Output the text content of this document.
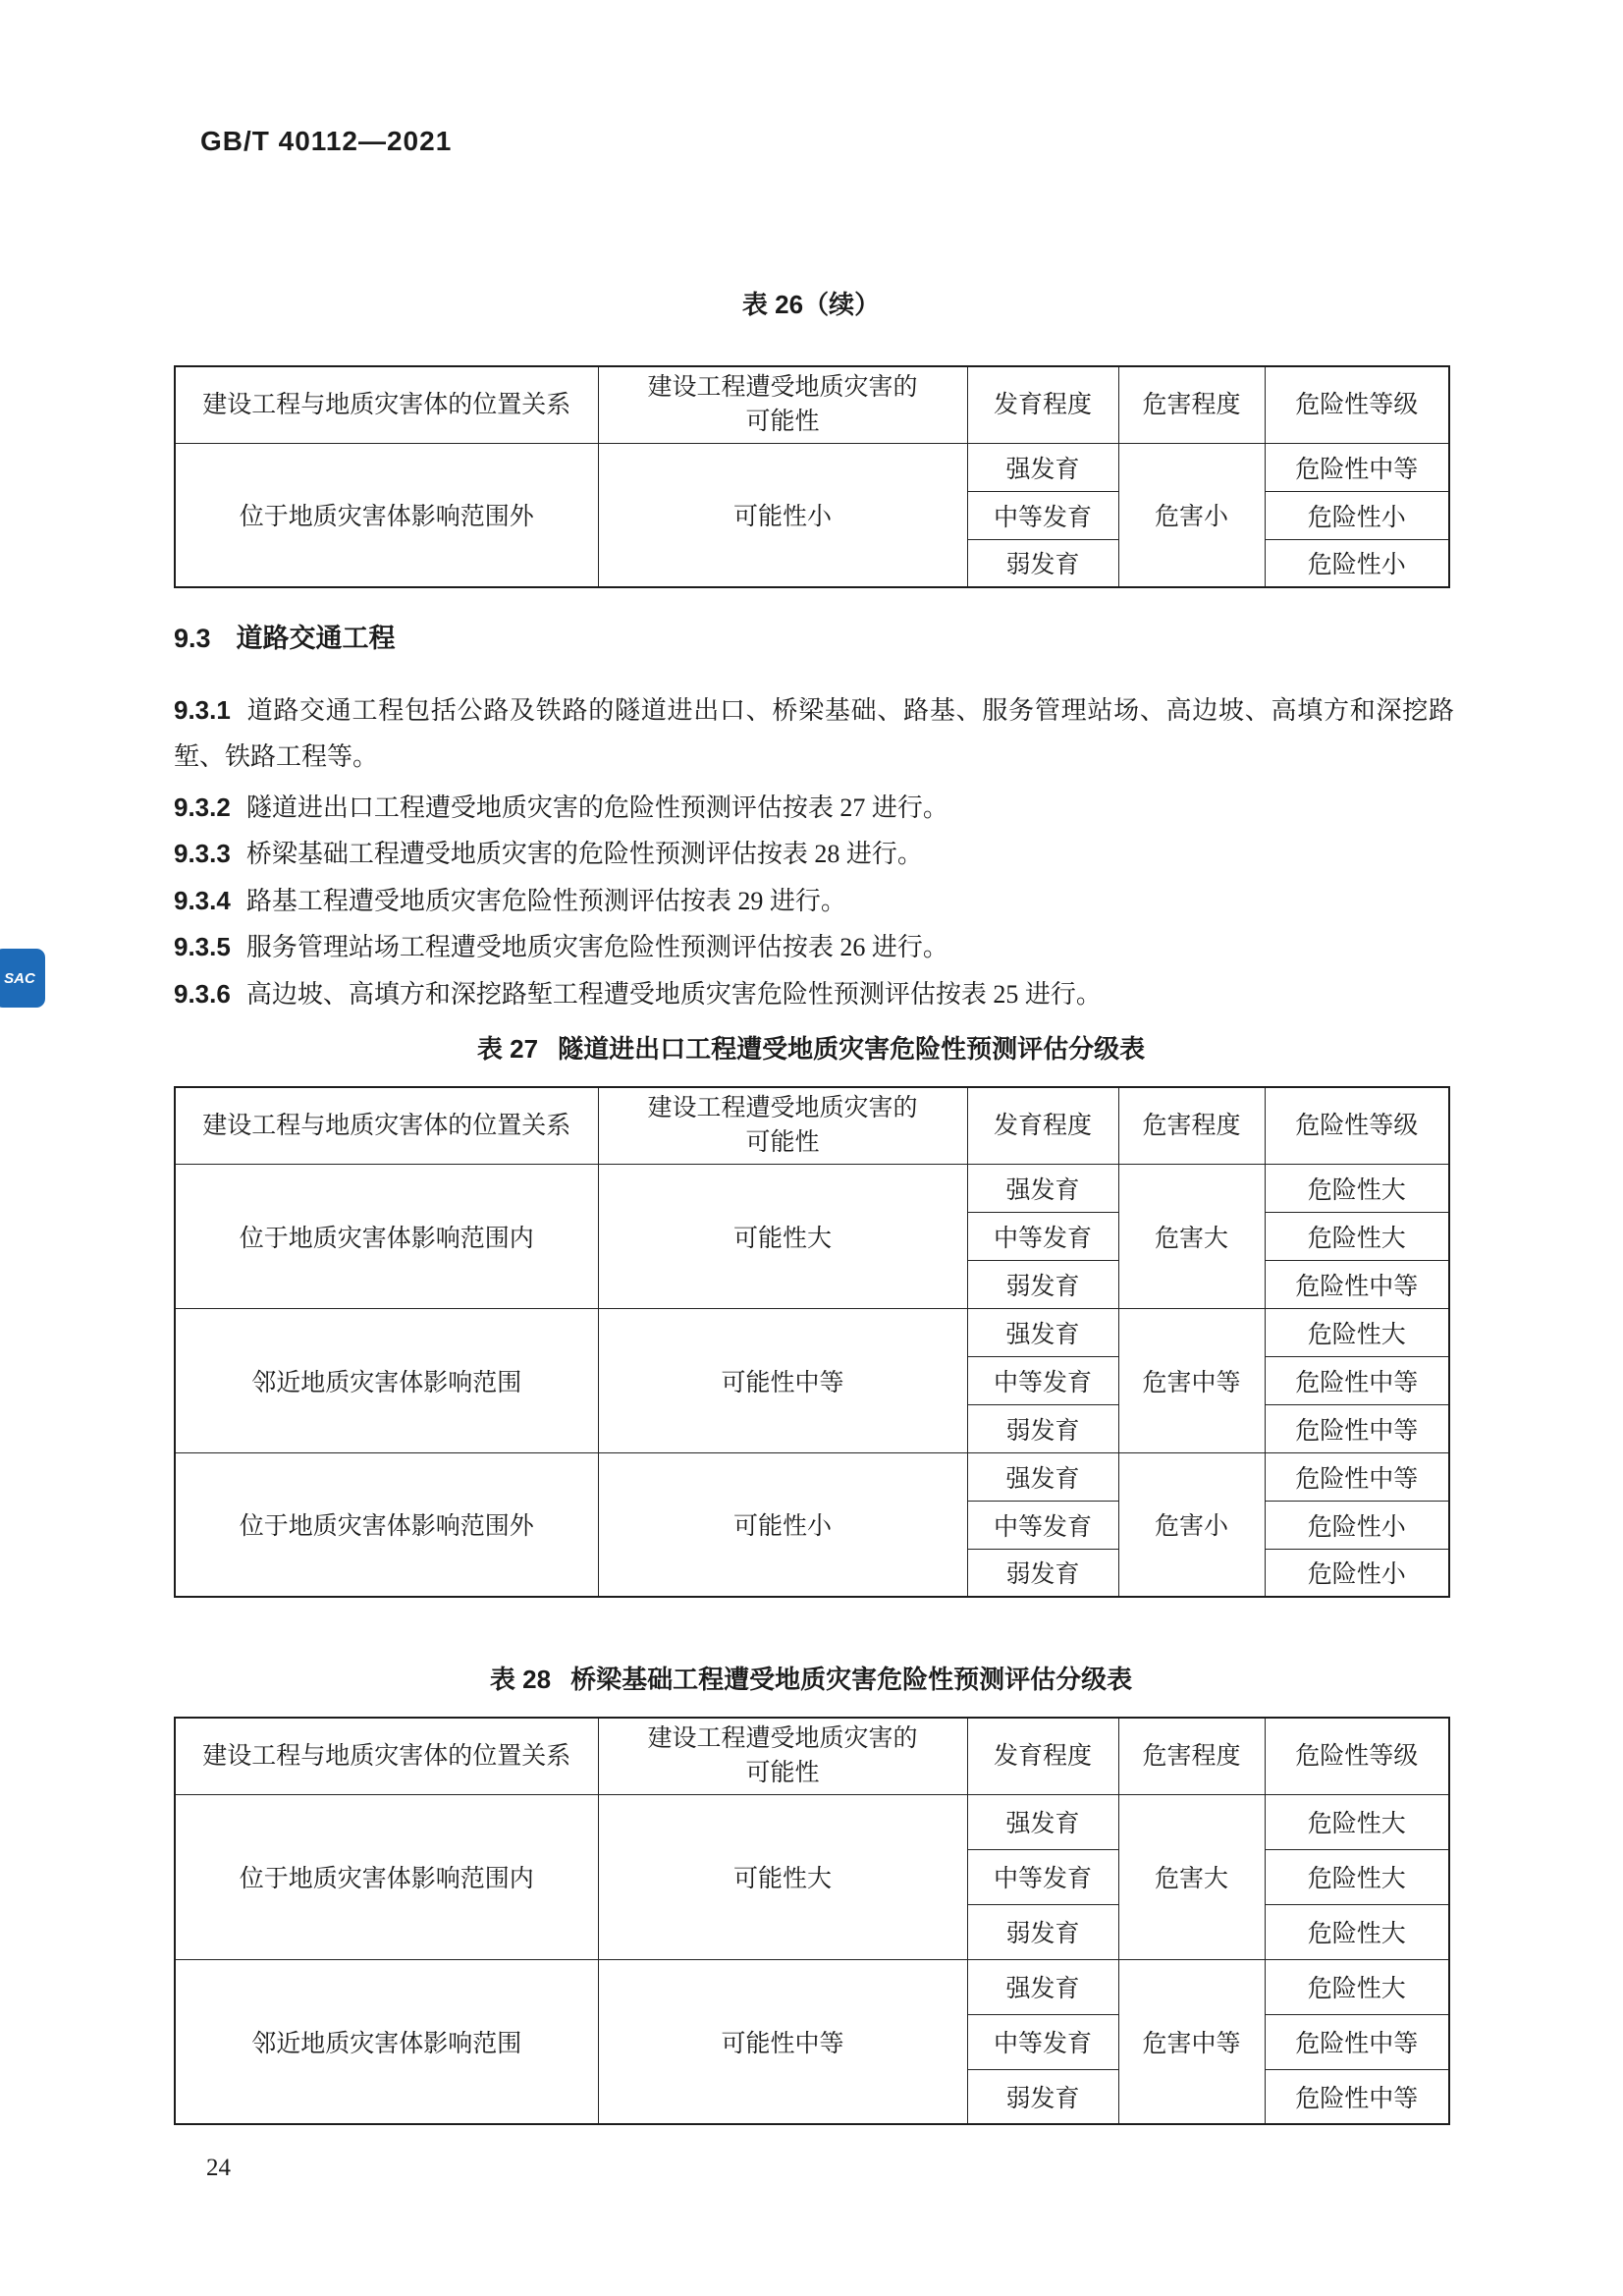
GB/T 40112—2021
SAC
表 26（续）
建设工程与地质灾害体的位置关系	建设工程遭受地质灾害的
可能性	发育程度	危害程度	危险性等级
位于地质灾害体影响范围外	可能性小	强发育	危害小	危险性中等
		中等发育		危险性小
		弱发育		危险性小
9.3 道路交通工程
9.3.1 道路交通工程包括公路及铁路的隧道进出口、桥梁基础、路基、服务管理站场、高边坡、高填方和深挖路堑、铁路工程等。
9.3.2 隧道进出口工程遭受地质灾害的危险性预测评估按表 27 进行。
9.3.3 桥梁基础工程遭受地质灾害的危险性预测评估按表 28 进行。
9.3.4 路基工程遭受地质灾害危险性预测评估按表 29 进行。
9.3.5 服务管理站场工程遭受地质灾害危险性预测评估按表 26 进行。
9.3.6 高边坡、高填方和深挖路堑工程遭受地质灾害危险性预测评估按表 25 进行。
表 27 隧道进出口工程遭受地质灾害危险性预测评估分级表
建设工程与地质灾害体的位置关系	建设工程遭受地质灾害的
可能性	发育程度	危害程度	危险性等级
位于地质灾害体影响范围内	可能性大	强发育	危害大	危险性大
		中等发育		危险性大
		弱发育		危险性中等
邻近地质灾害体影响范围	可能性中等	强发育	危害中等	危险性大
		中等发育		危险性中等
		弱发育		危险性中等
位于地质灾害体影响范围外	可能性小	强发育	危害小	危险性中等
		中等发育		危险性小
		弱发育		危险性小
表 28 桥梁基础工程遭受地质灾害危险性预测评估分级表
建设工程与地质灾害体的位置关系	建设工程遭受地质灾害的
可能性	发育程度	危害程度	危险性等级
位于地质灾害体影响范围内	可能性大	强发育	危害大	危险性大
		中等发育		危险性大
		弱发育		危险性大
邻近地质灾害体影响范围	可能性中等	强发育	危害中等	危险性大
		中等发育		危险性中等
		弱发育		危险性中等
24
